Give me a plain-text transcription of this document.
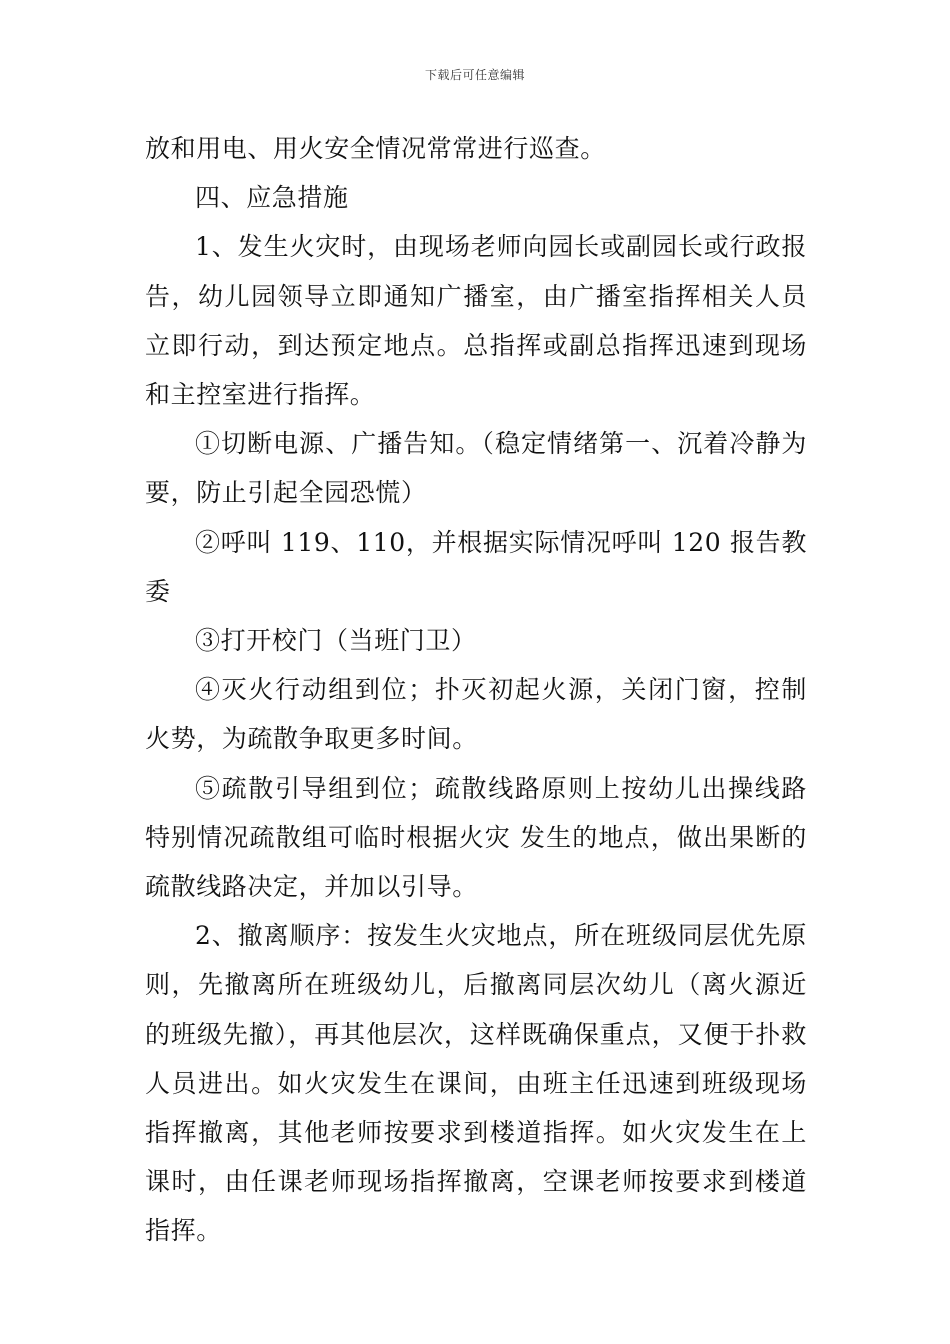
下载后可任意编辑

放和用电、用火安全情况常常进行巡查。

四、应急措施

1、发生火灾时，由现场老师向园长或副园长或行政报告，幼儿园领导立即通知广播室，由广播室指挥相关人员立即行动，到达预定地点。总指挥或副总指挥迅速到现场和主控室进行指挥。

①切断电源、广播告知。（稳定情绪第一、沉着冷静为要，防止引起全园恐慌）

②呼叫 119、110，并根据实际情况呼叫 120 报告教委

③打开校门（当班门卫）

④灭火行动组到位；扑灭初起火源，关闭门窗，控制火势，为疏散争取更多时间。

⑤疏散引导组到位；疏散线路原则上按幼儿出操线路特别情况疏散组可临时根据火灾 发生的地点，做出果断的疏散线路决定，并加以引导。

2、撤离顺序：按发生火灾地点，所在班级同层优先原则，先撤离所在班级幼儿，后撤离同层次幼儿（离火源近的班级先撤），再其他层次，这样既确保重点，又便于扑救人员进出。如火灾发生在课间，由班主任迅速到班级现场指挥撤离，其他老师按要求到楼道指挥。如火灾发生在上课时，由任课老师现场指挥撤离，空课老师按要求到楼道指挥。
